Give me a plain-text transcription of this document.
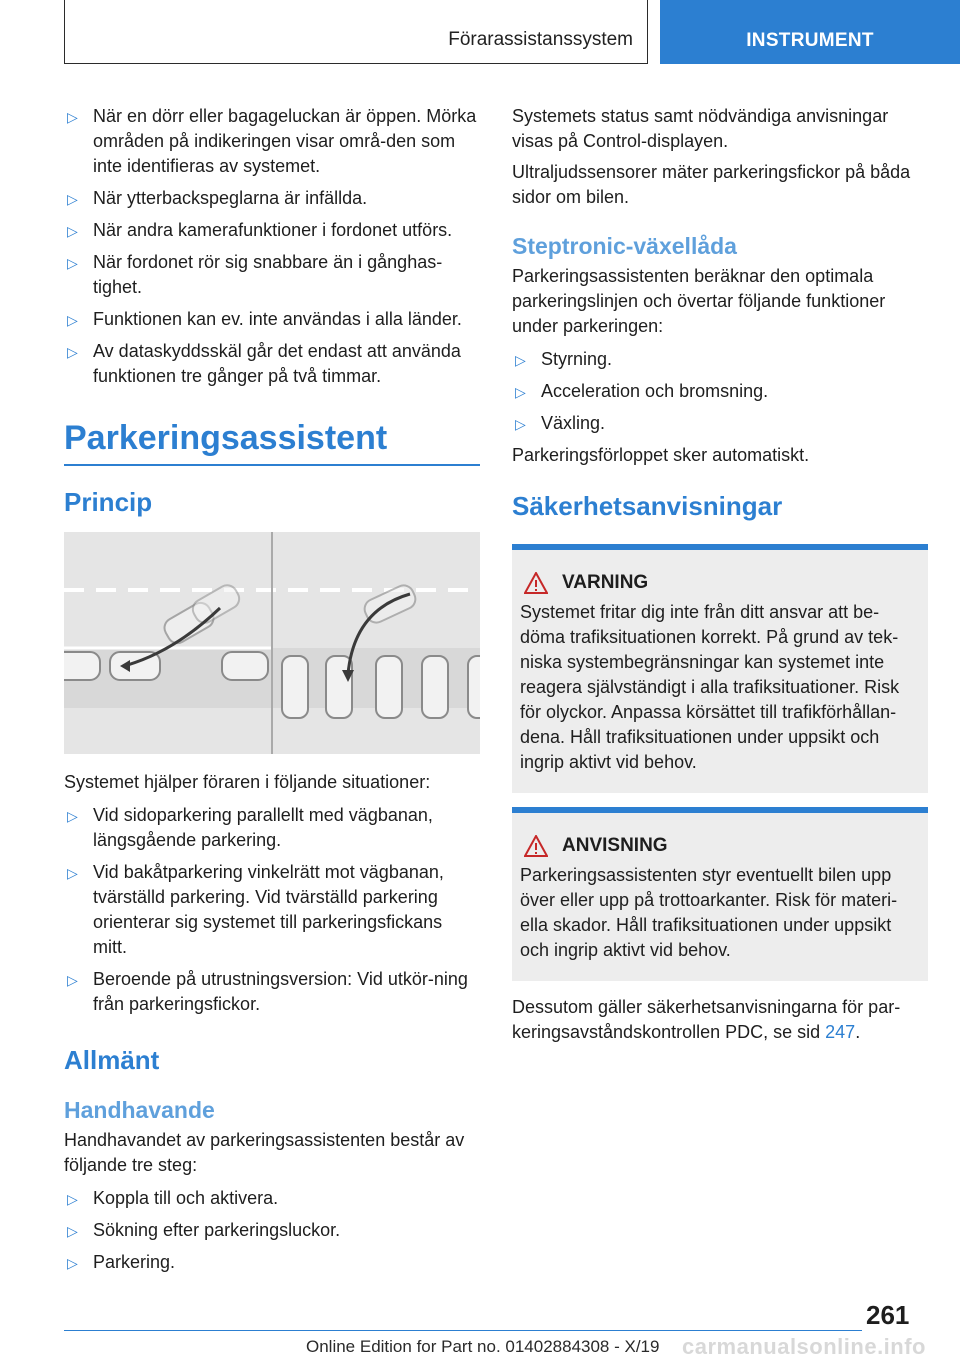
Förarassistanssystem	INSTRUMENT
▷ När en dörr eller bagageluckan är öppen. Mörka områden på indikeringen visar områ-den som inte identifieras av systemet.
▷ När ytterbackspeglarna är infällda.
▷ När andra kamerafunktioner i fordonet utförs.
▷ När fordonet rör sig snabbare än i gånghas-tighet.
▷ Funktionen kan ev. inte användas i alla länder.
▷ Av dataskyddsskäl går det endast att använda funktionen tre gånger på två timmar.
Parkeringsassistent
Princip

Systemet hjälper föraren i följande situationer:

▷ Vid sidoparkering parallellt med vägbanan, längsgående parkering.
▷ Vid bakåtparkering vinkelrätt mot vägbanan, tvärställd parkering. Vid tvärställd parkering orienterar sig systemet till parkeringsfickans mitt.
▷ Beroende på utrustningsversion: Vid utkör-ning från parkeringsfickor.
Allmänt
Handhavande

Handhavandet av parkeringsassistenten består av följande tre steg:

▷ Koppla till och aktivera.
▷ Sökning efter parkeringsluckor.
▷ Parkering.

Systemets status samt nödvändiga anvisningar visas på Control-displayen.

Ultraljudssensorer mäter parkeringsfickor på båda sidor om bilen.

Steptronic-växellåda

Parkeringsassistenten beräknar den optimala parkeringslinjen och övertar följande funktioner under parkeringen:

▷ Styrning.
▷ Acceleration och bromsning.
▷ Växling.

Parkeringsförloppet sker automatiskt.

Säkerhetsanvisningar
VARNING

Systemet fritar dig inte från ditt ansvar att be-döma trafiksituationen korrekt. På grund av tek-niska systembegränsningar kan systemet inte reagera självständigt i alla trafiksituationer. Risk för olyckor. Anpassa körsättet till trafikförhållan-dena. Håll trafiksituationen under uppsikt och ingrip aktivt vid behov.

ANVISNING

Parkeringsassistenten styr eventuellt bilen upp över eller upp på trottoarkanter. Risk för materi-ella skador. Håll trafiksituationen under uppsikt och ingrip aktivt vid behov.

Dessutom gäller säkerhetsanvisningarna för par-keringsavståndskontrollen PDC, se sid 247.

261
Online Edition for Part no. 01402884308 - X/19 carmanualsonline.info
